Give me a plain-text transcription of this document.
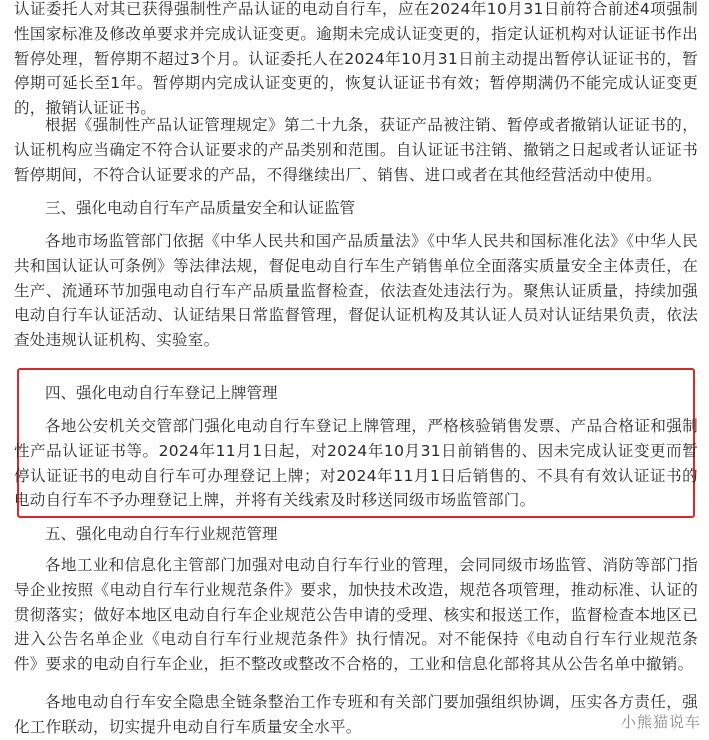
认证委托人对其已获得强制性产品认证的电动自行车，应在2024年10月31日前符合前述4项强制性国家标准及修改单要求并完成认证变更。逾期未完成认证变更的，指定认证机构对认证证书作出暂停处理，暂停期不超过3个月。认证委托人在2024年10月31日前主动提出暂停认证证书的，暂停期可延长至1年。暂停期内完成认证变更的，恢复认证证书有效；暂停期满仍不能完成认证变更的，撤销认证证书。

根据《强制性产品认证管理规定》第二十九条，获证产品被注销、暂停或者撤销认证证书的，认证机构应当确定不符合认证要求的产品类别和范围。自认证证书注销、撤销之日起或者认证证书暂停期间，不符合认证要求的产品，不得继续出厂、销售、进口或者在其他经营活动中使用。

三、强化电动自行车产品质量安全和认证监管

各地市场监管部门依据《中华人民共和国产品质量法》《中华人民共和国标准化法》《中华人民共和国认证认可条例》等法律法规，督促电动自行车生产销售单位全面落实质量安全主体责任，在生产、流通环节加强电动自行车产品质量监督检查，依法查处违法行为。聚焦认证质量，持续加强电动自行车认证活动、认证结果日常监督管理，督促认证机构及其认证人员对认证结果负责，依法查处违规认证机构、实验室。

四、强化电动自行车登记上牌管理

各地公安机关交管部门强化电动自行车登记上牌管理，严格核验销售发票、产品合格证和强制性产品认证证书等。2024年11月1日起，对2024年10月31日前销售的、因未完成认证变更而暂停认证证书的电动自行车可办理登记上牌；对2024年11月1日后销售的、不具有有效认证证书的电动自行车不予办理登记上牌，并将有关线索及时移送同级市场监管部门。

五、强化电动自行车行业规范管理

各地工业和信息化主管部门加强对电动自行车行业的管理，会同同级市场监管、消防等部门指导企业按照《电动自行车行业规范条件》要求，加快技术改造，规范各项管理，推动标准、认证的贯彻落实；做好本地区电动自行车企业规范公告申请的受理、核实和报送工作，监督检查本地区已进入公告名单企业《电动自行车行业规范条件》执行情况。对不能保持《电动自行车行业规范条件》要求的电动自行车企业，拒不整改或整改不合格的，工业和信息化部将其从公告名单中撤销。

各地电动自行车安全隐患全链条整治工作专班和有关部门要加强组织协调，压实各方责任，强化工作联动，切实提升电动自行车质量安全水平。	小熊猫说车
